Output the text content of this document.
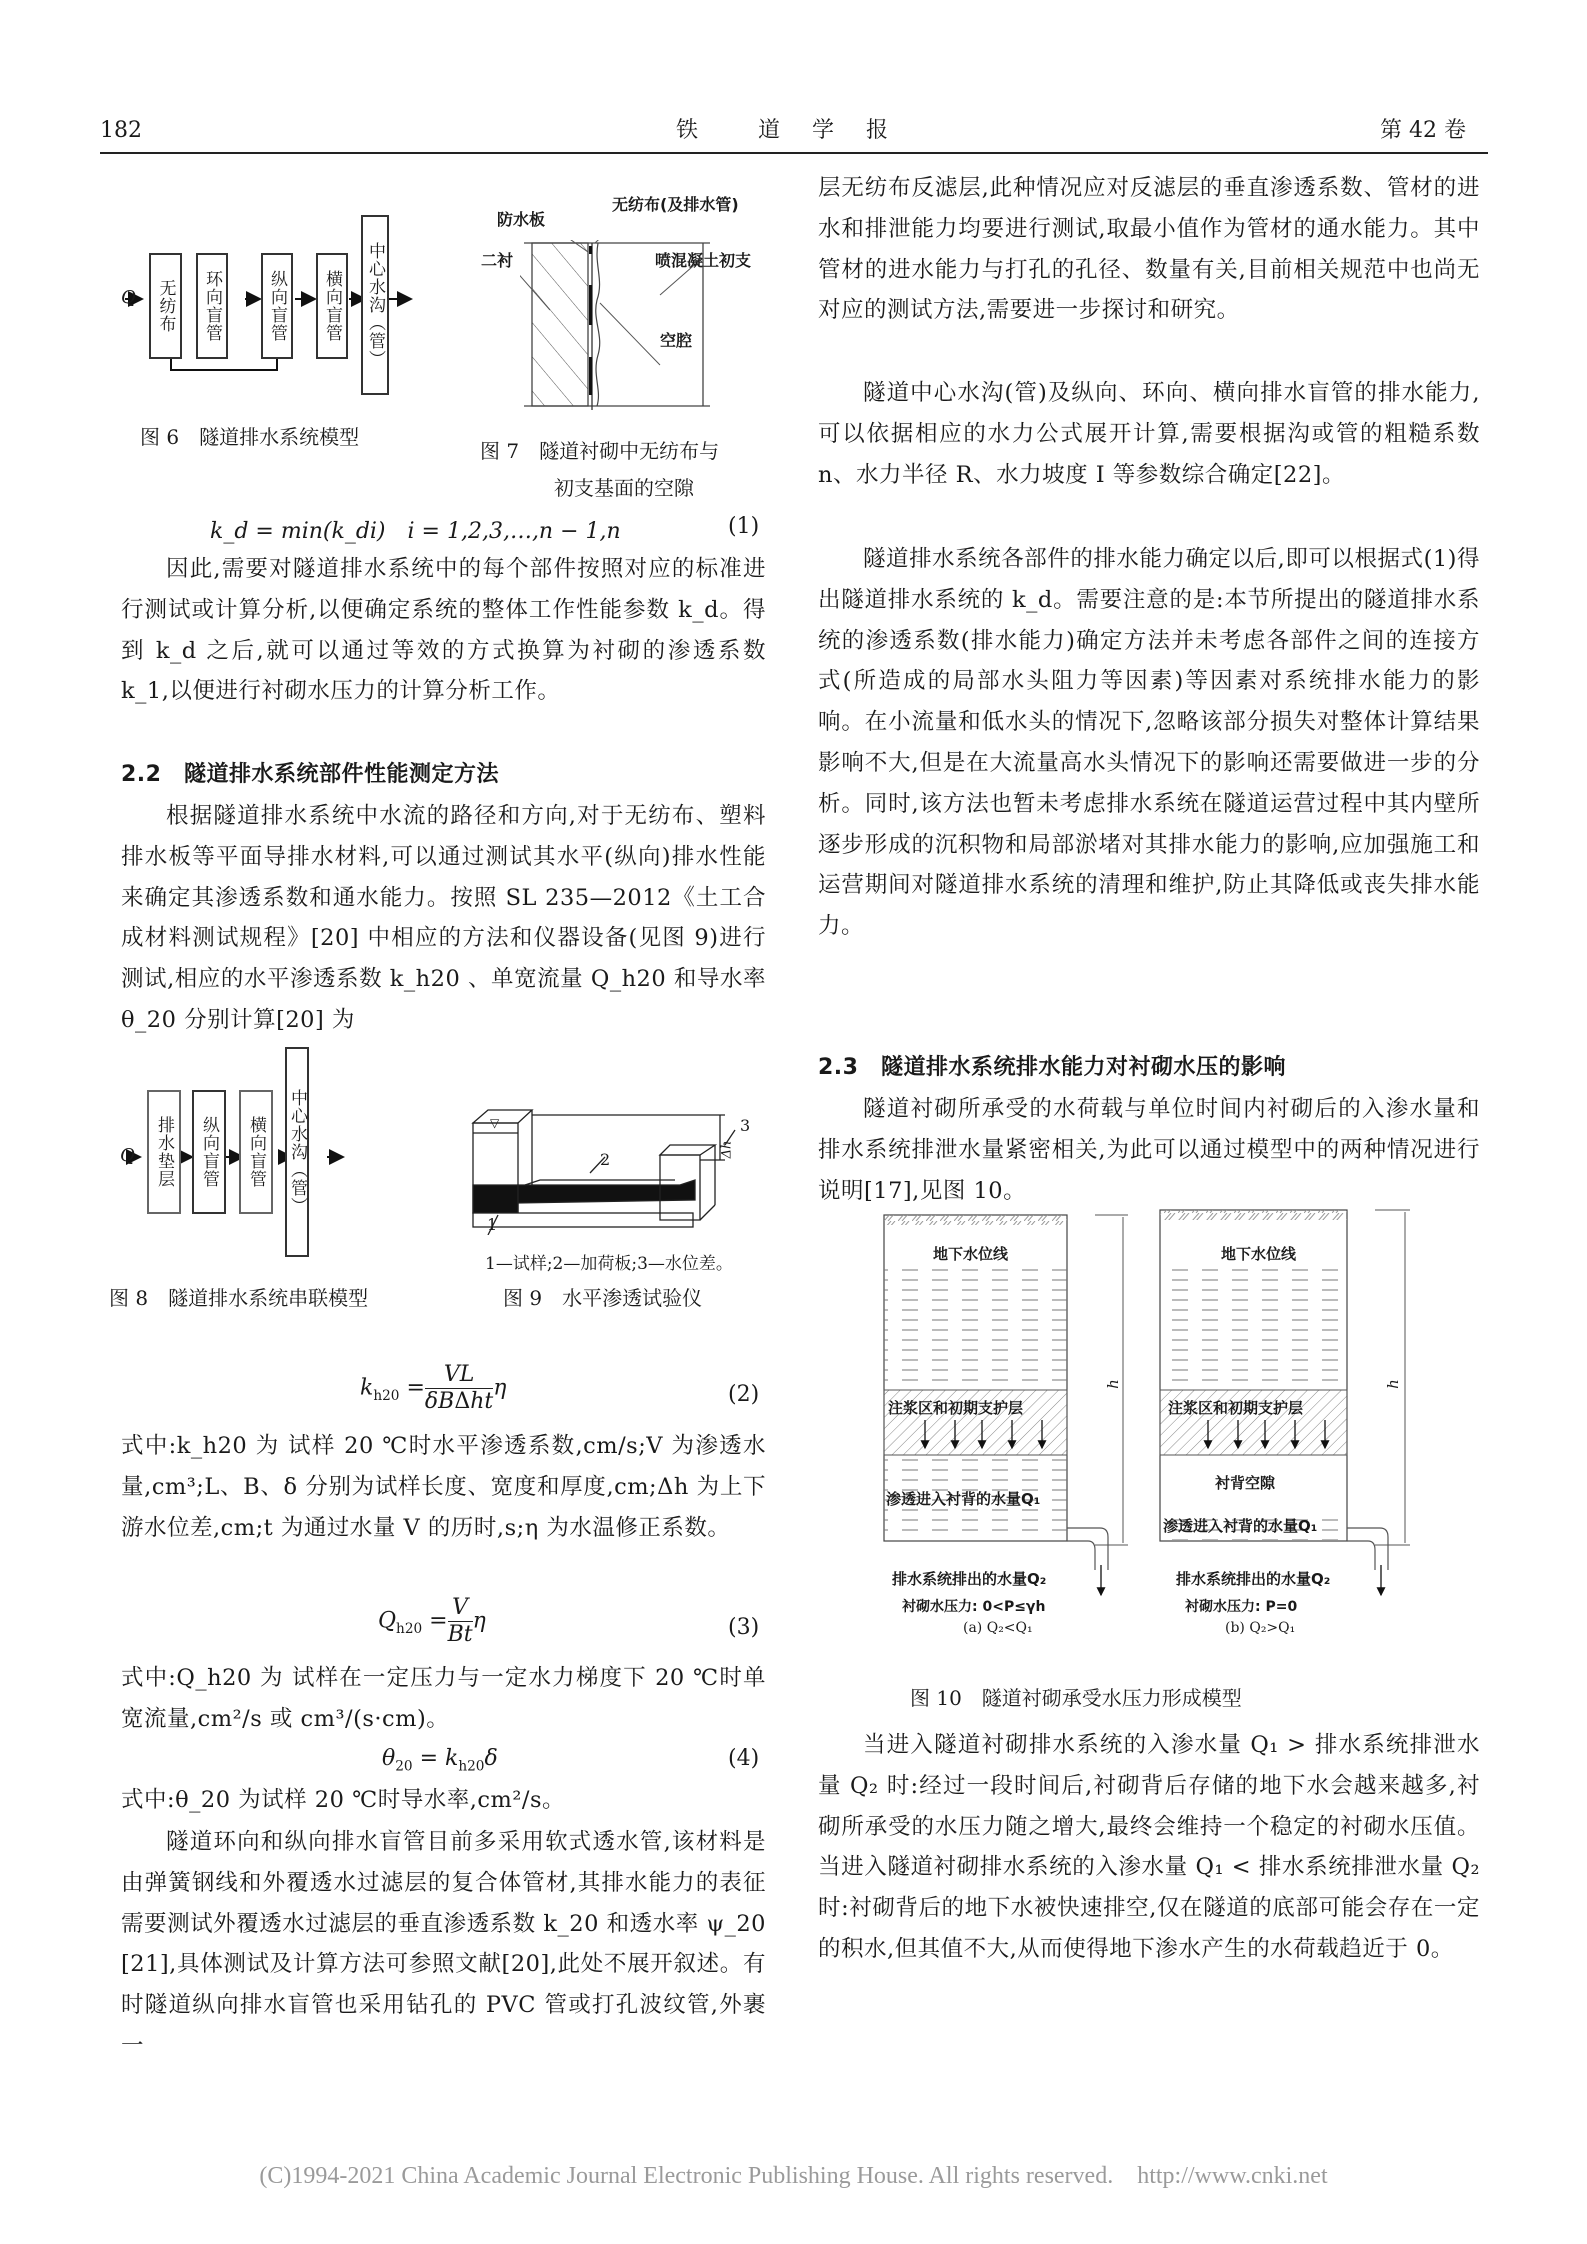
182	铁	道 学 报	第 42 卷
Q 无纺布 环向盲管	纵向盲管 横向盲管 中心水沟（管）
图 6　隧道排水系统模型
无纺布(及排水管)
防水板
二衬	喷混凝土初支
空腔
图 7　隧道衬砌中无纺布与
初支基面的空隙
k_d = min(k_di)　i = 1,2,3,…,n − 1,n	(1)

因此,需要对隧道排水系统中的每个部件按照对应的标准进行测试或计算分析,以便确定系统的整体工作性能参数 k_d。得到 k_d 之后,就可以通过等效的方式换算为衬砌的渗透系数 k_1,以便进行衬砌水压力的计算分析工作。

2.2　隧道排水系统部件性能测定方法

根据隧道排水系统中水流的路径和方向,对于无纺布、塑料排水板等平面导排水材料,可以通过测试其水平(纵向)排水性能来确定其渗透系数和通水能力。按照 SL 235—2012《土工合成材料测试规程》[20] 中相应的方法和仪器设备(见图 9)进行测试,相应的水平渗透系数 k_h20 、单宽流量 Q_h20 和导水率 θ_20 分别计算[20] 为

Q 排水垫层 纵向盲管 横向盲管 中心水沟（管）
图 8　隧道排水系统串联模型
▽
1
2
3
Δh
1—试样;2—加荷板;3—水位差。
图 9　水平渗透试验仪
$k_{h20} = \frac{VL}{\text{δBΔht}}$ η	(2)

式中:k_h20 为 试样 20 ℃时水平渗透系数,cm/s;V 为渗透水量,cm³;L、B、δ 分别为试样长度、宽度和厚度,cm;Δh 为上下游水位差,cm;t 为通过水量 V 的历时,s;η 为水温修正系数。

$Q_{h20} = \frac{V}{Bt}$ η	(3)

式中:Q_h20 为 试样在一定压力与一定水力梯度下 20 ℃时单宽流量,cm²/s 或 cm³/(s·cm)。

$\theta_{20} = k_{h20}\delta$	(4)

式中:θ_20 为试样 20 ℃时导水率,cm²/s。

隧道环向和纵向排水盲管目前多采用软式透水管,该材料是由弹簧钢线和外覆透水过滤层的复合体管材,其排水能力的表征需要测试外覆透水过滤层的垂直渗透系数 k_20 和透水率 ψ_20 [21],具体测试及计算方法可参照文献[20],此处不展开叙述。有时隧道纵向排水盲管也采用钻孔的 PVC 管或打孔波纹管,外裹一

层无纺布反滤层,此种情况应对反滤层的垂直渗透系数、管材的进水和排泄能力均要进行测试,取最小值作为管材的通水能力。其中管材的进水能力与打孔的孔径、数量有关,目前相关规范中也尚无对应的测试方法,需要进一步探讨和研究。

隧道中心水沟(管)及纵向、环向、横向排水盲管的排水能力,可以依据相应的水力公式展开计算,需要根据沟或管的粗糙系数 n、水力半径 R、水力坡度 I 等参数综合确定[22]。

隧道排水系统各部件的排水能力确定以后,即可以根据式(1)得出隧道排水系统的 k_d。需要注意的是:本节所提出的隧道排水系统的渗透系数(排水能力)确定方法并未考虑各部件之间的连接方式(所造成的局部水头阻力等因素)等因素对系统排水能力的影响。在小流量和低水头的情况下,忽略该部分损失对整体计算结果影响不大,但是在大流量高水头情况下的影响还需要做进一步的分析。同时,该方法也暂未考虑排水系统在隧道运营过程中其内壁所逐步形成的沉积物和局部淤堵对其排水能力的影响,应加强施工和运营期间对隧道排水系统的清理和维护,防止其降低或丧失排水能力。

2.3　隧道排水系统排水能力对衬砌水压的影响

隧道衬砌所承受的水荷载与单位时间内衬砌后的入渗水量和排水系统排泄水量紧密相关,为此可以通过模型中的两种情况进行说明[17],见图 10。

地下水位线	地下水位线
注浆区和初期支护层	注浆区和初期支护层
衬背空隙
渗透进入衬背的水量Q₁
渗透进入衬背的水量Q₁
h	h
排水系统排出的水量Q₂	排水系统排出的水量Q₂
衬砌水压力: 0<P≤γh	衬砌水压力: P=0
(a) Q₂<Q₁	(b) Q₂>Q₁
图 10　隧道衬砌承受水压力形成模型

当进入隧道衬砌排水系统的入渗水量 Q₁ > 排水系统排泄水量 Q₂ 时:经过一段时间后,衬砌背后存储的地下水会越来越多,衬砌所承受的水压力随之增大,最终会维持一个稳定的衬砌水压值。当进入隧道衬砌排水系统的入渗水量 Q₁ < 排水系统排泄水量 Q₂ 时:衬砌背后的地下水被快速排空,仅在隧道的底部可能会存在一定的积水,但其值不大,从而使得地下渗水产生的水荷载趋近于 0。

(C)1994-2021 China Academic Journal Electronic Publishing House. All rights reserved. http://www.cnki.net
